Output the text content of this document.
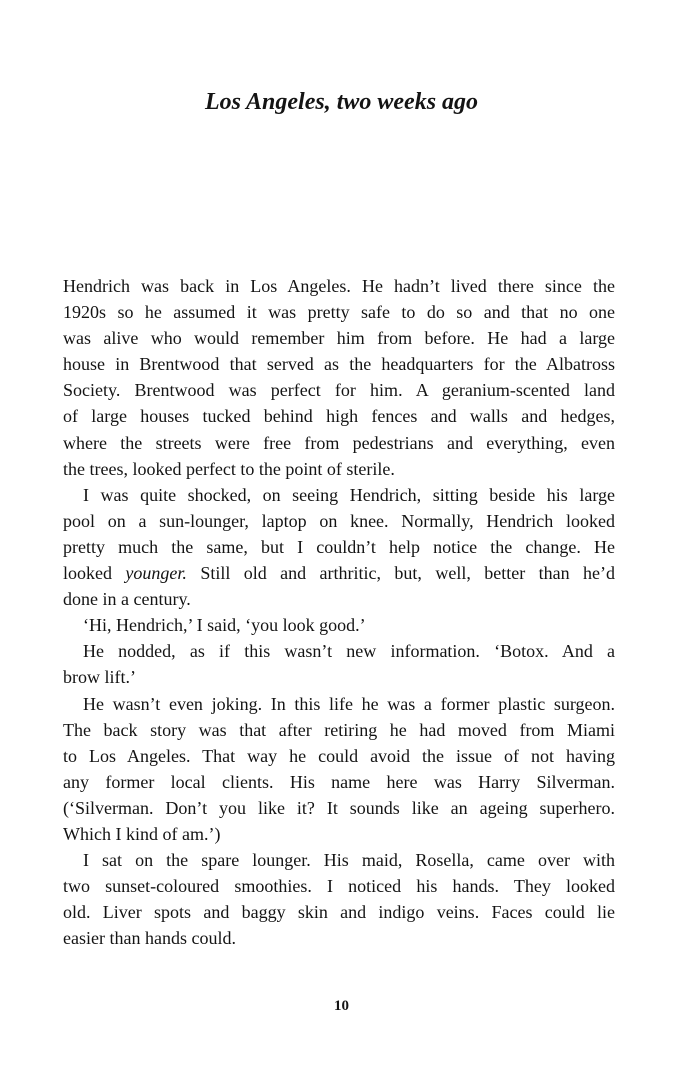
Los Angeles, two weeks ago
Hendrich was back in Los Angeles. He hadn’t lived there since the
1920s so he assumed it was pretty safe to do so and that no one
was alive who would remember him from before. He had a large
house in Brentwood that served as the headquarters for the Albatross
Society. Brentwood was perfect for him. A geranium-scented land
of large houses tucked behind high fences and walls and hedges,
where the streets were free from pedestrians and everything, even
the trees, looked perfect to the point of sterile.
I was quite shocked, on seeing Hendrich, sitting beside his large
pool on a sun-lounger, laptop on knee. Normally, Hendrich looked
pretty much the same, but I couldn’t help notice the change. He
looked younger. Still old and arthritic, but, well, better than he’d
done in a century.
‘Hi, Hendrich,’ I said, ‘you look good.’
He nodded, as if this wasn’t new information. ‘Botox. And a
brow lift.’
He wasn’t even joking. In this life he was a former plastic surgeon.
The back story was that after retiring he had moved from Miami
to Los Angeles. That way he could avoid the issue of not having
any former local clients. His name here was Harry Silverman.
(‘Silverman. Don’t you like it? It sounds like an ageing superhero.
Which I kind of am.’)
I sat on the spare lounger. His maid, Rosella, came over with
two sunset-coloured smoothies. I noticed his hands. They looked
old. Liver spots and baggy skin and indigo veins. Faces could lie
easier than hands could.
10
